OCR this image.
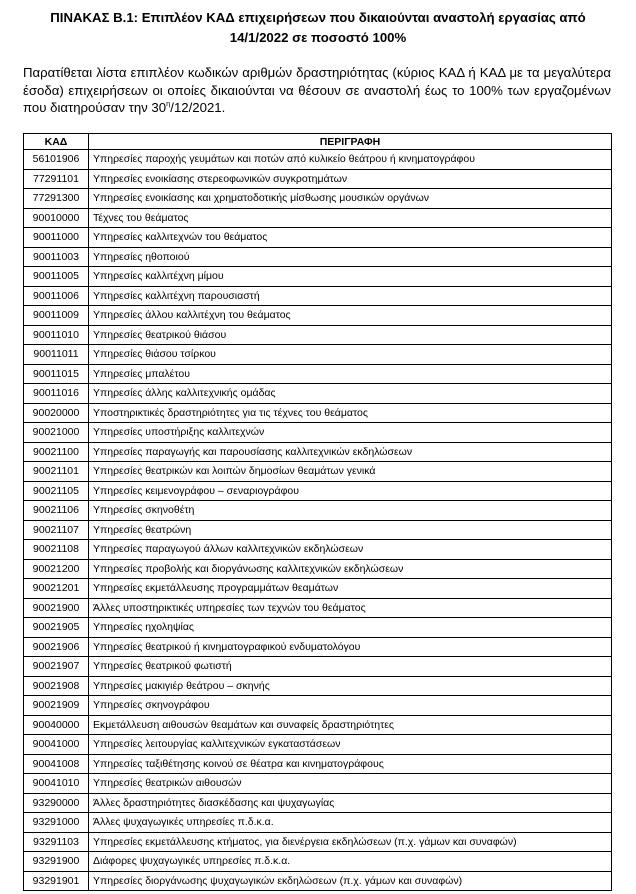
ΠΙΝΑΚΑΣ Β.1: Επιπλέον ΚΑΔ επιχειρήσεων που δικαιούνται αναστολή εργασίας από
14/1/2022 σε ποσοστό 100%

Παρατίθεται λίστα επιπλέον κωδικών αριθμών δραστηριότητας (κύριος ΚΑΔ ή ΚΑΔ με τα μεγαλύτερα έσοδα) επιχειρήσεων οι οποίες δικαιούνται να θέσουν σε αναστολή έως το 100% των εργαζομένων που διατηρούσαν την $30^\eta/12/2021$.

ΚΑΔ	ΠΕΡΙΓΡΑΦΗ
56101906	Υπηρεσίες παροχής γευμάτων και ποτών από κυλικείο θεάτρου ή κινηματογράφου
77291101	Υπηρεσίες ενοικίασης στερεοφωνικών συγκροτημάτων
77291300	Υπηρεσίες ενοικίασης και χρηματοδοτικής μίσθωσης μουσικών οργάνων
90010000	Τέχνες του θεάματος
90011000	Υπηρεσίες καλλιτεχνών του θεάματος
90011003	Υπηρεσίες ηθοποιού
90011005	Υπηρεσίες καλλιτέχνη μίμου
90011006	Υπηρεσίες καλλιτέχνη παρουσιαστή
90011009	Υπηρεσίες άλλου καλλιτέχνη του θεάματος
90011010	Υπηρεσίες θεατρικού θιάσου
90011011	Υπηρεσίες θιάσου τσίρκου
90011015	Υπηρεσίες μπαλέτου
90011016	Υπηρεσίες άλλης καλλιτεχνικής ομάδας
90020000	Υποστηρικτικές δραστηριότητες για τις τέχνες του θεάματος
90021000	Υπηρεσίες υποστήριξης καλλιτεχνών
90021100	Υπηρεσίες παραγωγής και παρουσίασης καλλιτεχνικών εκδηλώσεων
90021101	Υπηρεσίες θεατρικών και λοιπών δημοσίων θεαμάτων γενικά
90021105	Υπηρεσίες κειμενογράφου – σεναριογράφου
90021106	Υπηρεσίες σκηνοθέτη
90021107	Υπηρεσίες θεατρώνη
90021108	Υπηρεσίες παραγωγού άλλων καλλιτεχνικών εκδηλώσεων
90021200	Υπηρεσίες προβολής και διοργάνωσης καλλιτεχνικών εκδηλώσεων
90021201	Υπηρεσίες εκμετάλλευσης προγραμμάτων θεαμάτων
90021900	Άλλες υποστηρικτικές υπηρεσίες των τεχνών του θεάματος
90021905	Υπηρεσίες ηχοληψίας
90021906	Υπηρεσίες θεατρικού ή κινηματογραφικού ενδυματολόγου
90021907	Υπηρεσίες θεατρικού φωτιστή
90021908	Υπηρεσίες μακιγιέρ θεάτρου – σκηνής
90021909	Υπηρεσίες σκηνογράφου
90040000	Εκμετάλλευση αιθουσών θεαμάτων και συναφείς δραστηριότητες
90041000	Υπηρεσίες λειτουργίας καλλιτεχνικών εγκαταστάσεων
90041008	Υπηρεσίες ταξιθέτησης κοινού σε θέατρα και κινηματογράφους
90041010	Υπηρεσίες θεατρικών αιθουσών
93290000	Άλλες δραστηριότητες διασκέδασης και ψυχαγωγίας
93291000	Άλλες ψυχαγωγικές υπηρεσίες π.δ.κ.α.
93291103	Υπηρεσίες εκμετάλλευσης κτήματος, για διενέργεια εκδηλώσεων (π.χ. γάμων και συναφών)
93291900	Διάφορες ψυχαγωγικές υπηρεσίες π.δ.κ.α.
93291901	Υπηρεσίες διοργάνωσης ψυχαγωγικών εκδηλώσεων (π.χ. γάμων και συναφών)
